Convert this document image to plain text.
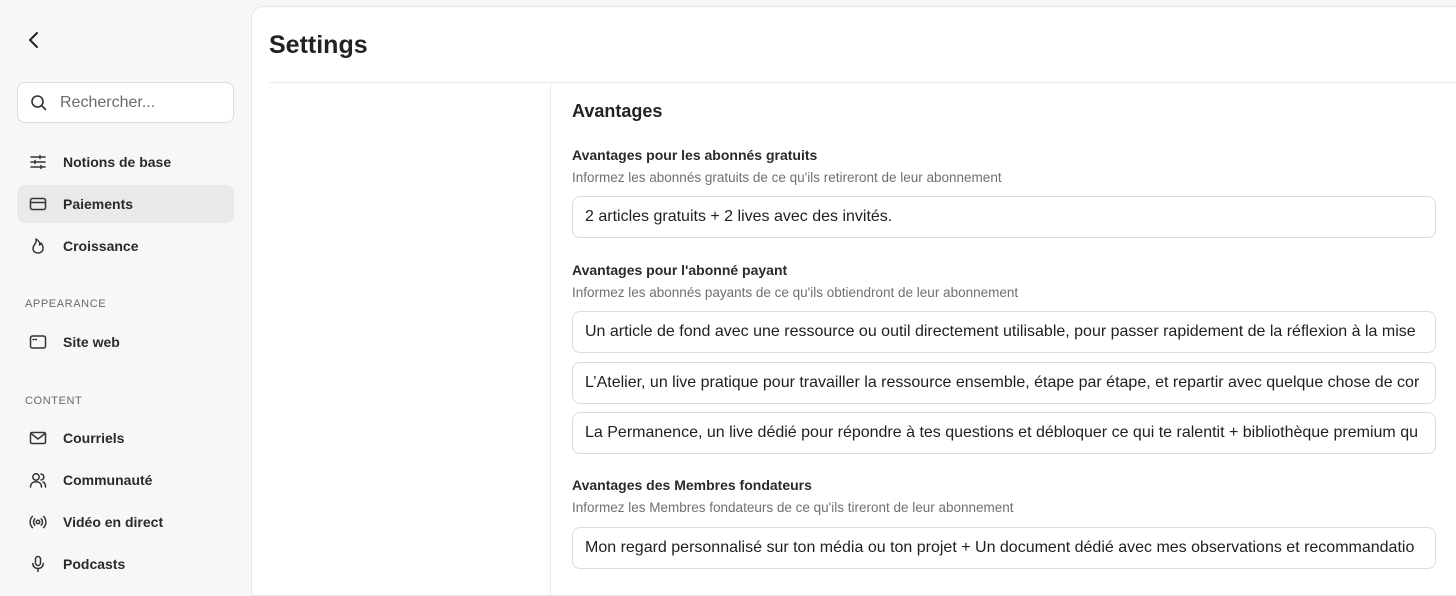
Rechercher...
Notions de base
Paiements
Croissance
APPEARANCE
Site web
CONTENT
Courriels
Communauté
Vidéo en direct
Podcasts
Settings
Avantages
Avantages pour les abonnés gratuits
Informez les abonnés gratuits de ce qu'ils retireront de leur abonnement
2 articles gratuits + 2 lives avec des invités.
Avantages pour l'abonné payant
Informez les abonnés payants de ce qu'ils obtiendront de leur abonnement
Un article de fond avec une ressource ou outil directement utilisable, pour passer rapidement de la réflexion à la mise
L’Atelier, un live pratique pour travailler la ressource ensemble, étape par étape, et repartir avec quelque chose de cor
La Permanence, un live dédié pour répondre à tes questions et débloquer ce qui te ralentit + bibliothèque premium qu
Avantages des Membres fondateurs
Informez les Membres fondateurs de ce qu'ils tireront de leur abonnement
Mon regard personnalisé sur ton média ou ton projet + Un document dédié avec mes observations et recommandatio
